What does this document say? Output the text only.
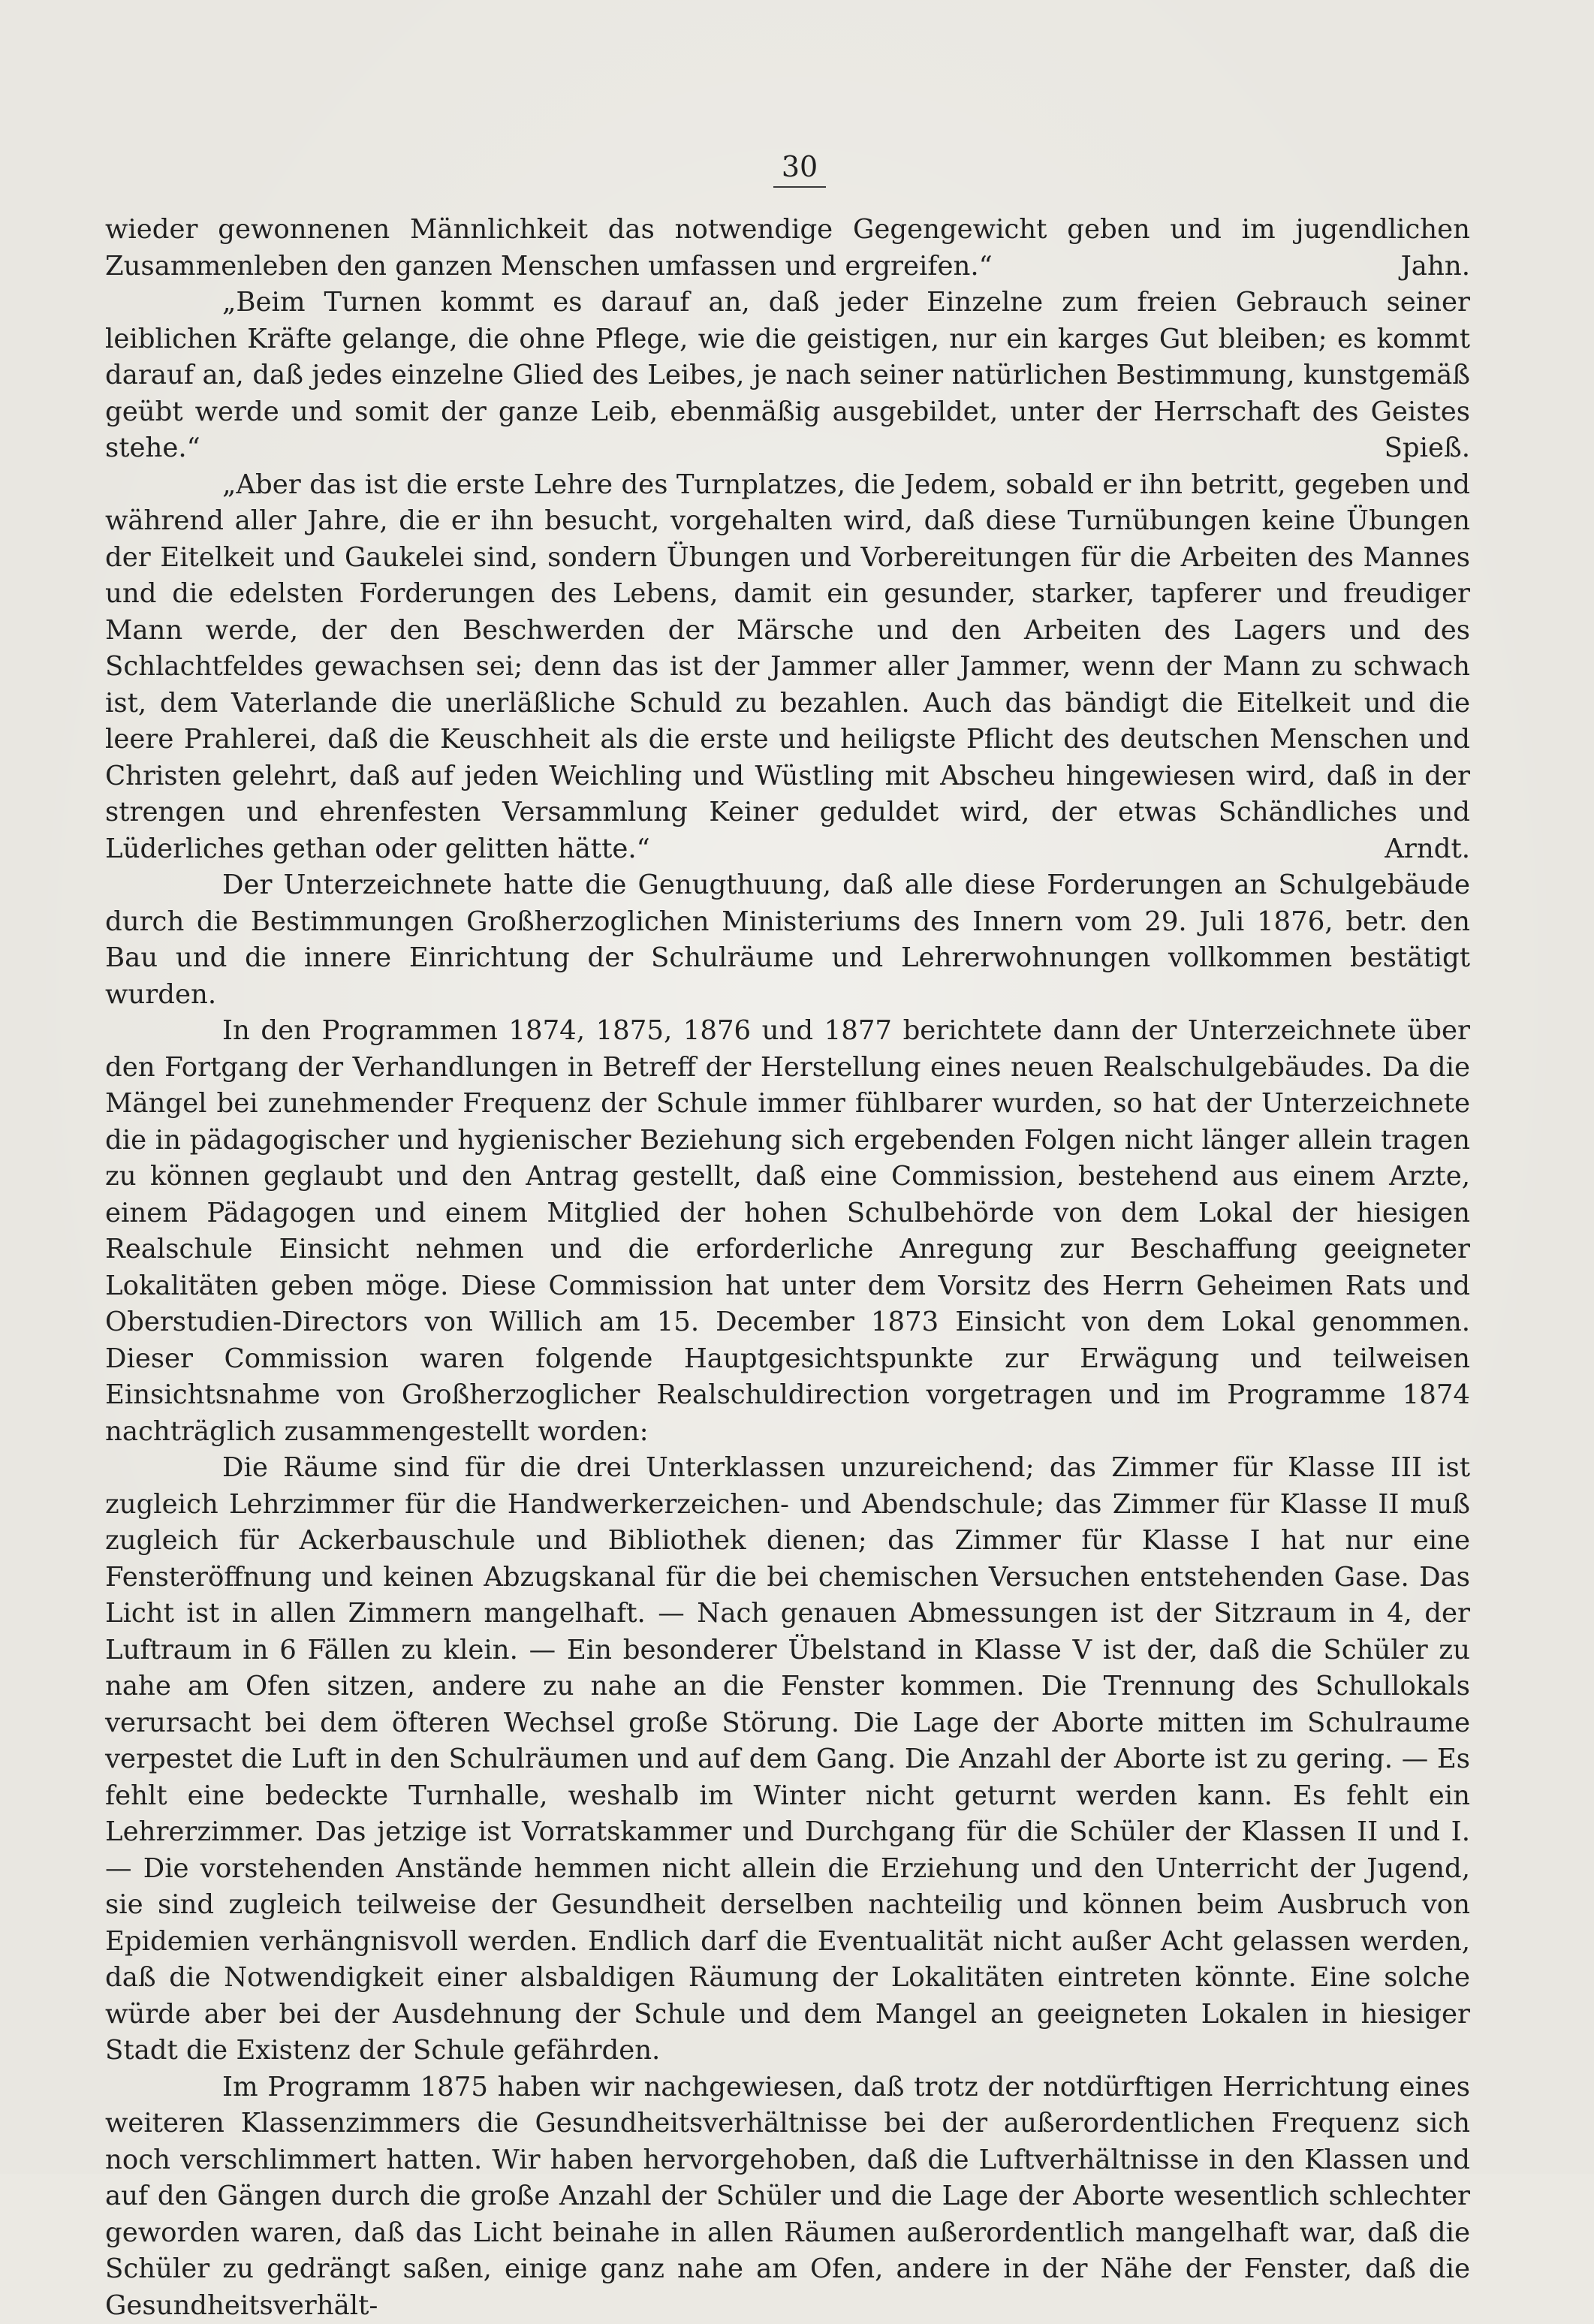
30

wieder gewonnenen Männlichkeit das notwendige Gegengewicht geben und im jugendlichen Zusammenleben den ganzen Menschen umfassen und ergreifen.“	Jahn.

„Beim Turnen kommt es darauf an, daß jeder Einzelne zum freien Gebrauch seiner leiblichen Kräfte gelange, die ohne Pflege, wie die geistigen, nur ein karges Gut bleiben; es kommt darauf an, daß jedes einzelne Glied des Leibes, je nach seiner natürlichen Bestimmung, kunstgemäß geübt werde und somit der ganze Leib, ebenmäßig ausgebildet, unter der Herrschaft des Geistes stehe.“	Spieß.

„Aber das ist die erste Lehre des Turnplatzes, die Jedem, sobald er ihn betritt, gegeben und während aller Jahre, die er ihn besucht, vorgehalten wird, daß diese Turnübungen keine Übungen der Eitelkeit und Gaukelei sind, sondern Übungen und Vorbereitungen für die Arbeiten des Mannes und die edelsten Forderungen des Lebens, damit ein gesunder, starker, tapferer und freudiger Mann werde, der den Beschwerden der Märsche und den Arbeiten des Lagers und des Schlachtfeldes gewachsen sei; denn das ist der Jammer aller Jammer, wenn der Mann zu schwach ist, dem Vaterlande die unerläßliche Schuld zu bezahlen. Auch das bändigt die Eitelkeit und die leere Prahlerei, daß die Keuschheit als die erste und heiligste Pflicht des deutschen Menschen und Christen gelehrt, daß auf jeden Weichling und Wüstling mit Abscheu hingewiesen wird, daß in der strengen und ehrenfesten Versammlung Keiner geduldet wird, der etwas Schändliches und Lüderliches gethan oder gelitten hätte.“	Arndt.

Der Unterzeichnete hatte die Genugthuung, daß alle diese Forderungen an Schulgebäude durch die Bestimmungen Großherzoglichen Ministeriums des Innern vom 29. Juli 1876, betr. den Bau und die innere Einrichtung der Schulräume und Lehrerwohnungen vollkommen bestätigt wurden.

In den Programmen 1874, 1875, 1876 und 1877 berichtete dann der Unterzeichnete über den Fortgang der Verhandlungen in Betreff der Herstellung eines neuen Realschulgebäudes. Da die Mängel bei zunehmender Frequenz der Schule immer fühlbarer wurden, so hat der Unterzeichnete die in pädagogischer und hygienischer Beziehung sich ergebenden Folgen nicht länger allein tragen zu können geglaubt und den Antrag gestellt, daß eine Commission, bestehend aus einem Arzte, einem Pädagogen und einem Mitglied der hohen Schulbehörde von dem Lokal der hiesigen Realschule Einsicht nehmen und die erforderliche Anregung zur Beschaffung geeigneter Lokalitäten geben möge. Diese Commission hat unter dem Vorsitz des Herrn Geheimen Rats und Oberstudien-Directors von Willich am 15. December 1873 Einsicht von dem Lokal genommen. Dieser Commission waren folgende Hauptgesichtspunkte zur Erwägung und teilweisen Einsichtsnahme von Großherzoglicher Realschuldirection vorgetragen und im Programme 1874 nachträglich zusammengestellt worden:

Die Räume sind für die drei Unterklassen unzureichend; das Zimmer für Klasse III ist zugleich Lehrzimmer für die Handwerkerzeichen- und Abendschule; das Zimmer für Klasse II muß zugleich für Ackerbauschule und Bibliothek dienen; das Zimmer für Klasse I hat nur eine Fensteröffnung und keinen Abzugskanal für die bei chemischen Versuchen entstehenden Gase. Das Licht ist in allen Zimmern mangelhaft. — Nach genauen Abmessungen ist der Sitzraum in 4, der Luftraum in 6 Fällen zu klein. — Ein besonderer Übelstand in Klasse V ist der, daß die Schüler zu nahe am Ofen sitzen, andere zu nahe an die Fenster kommen. Die Trennung des Schullokals verursacht bei dem öfteren Wechsel große Störung. Die Lage der Aborte mitten im Schulraume verpestet die Luft in den Schulräumen und auf dem Gang. Die Anzahl der Aborte ist zu gering. — Es fehlt eine bedeckte Turnhalle, weshalb im Winter nicht geturnt werden kann. Es fehlt ein Lehrerzimmer. Das jetzige ist Vorratskammer und Durchgang für die Schüler der Klassen II und I. — Die vorstehenden Anstände hemmen nicht allein die Erziehung und den Unterricht der Jugend, sie sind zugleich teilweise der Gesundheit derselben nachteilig und können beim Ausbruch von Epidemien verhängnisvoll werden. Endlich darf die Eventualität nicht außer Acht gelassen werden, daß die Notwendigkeit einer alsbaldigen Räumung der Lokalitäten eintreten könnte. Eine solche würde aber bei der Ausdehnung der Schule und dem Mangel an geeigneten Lokalen in hiesiger Stadt die Existenz der Schule gefährden.

Im Programm 1875 haben wir nachgewiesen, daß trotz der notdürftigen Herrichtung eines weiteren Klassenzimmers die Gesundheitsverhältnisse bei der außerordentlichen Frequenz sich noch verschlimmert hatten. Wir haben hervorgehoben, daß die Luftverhältnisse in den Klassen und auf den Gängen durch die große Anzahl der Schüler und die Lage der Aborte wesentlich schlechter geworden waren, daß das Licht beinahe in allen Räumen außerordentlich mangelhaft war, daß die Schüler zu gedrängt saßen, einige ganz nahe am Ofen, andere in der Nähe der Fenster, daß die Gesundheitsverhält-
